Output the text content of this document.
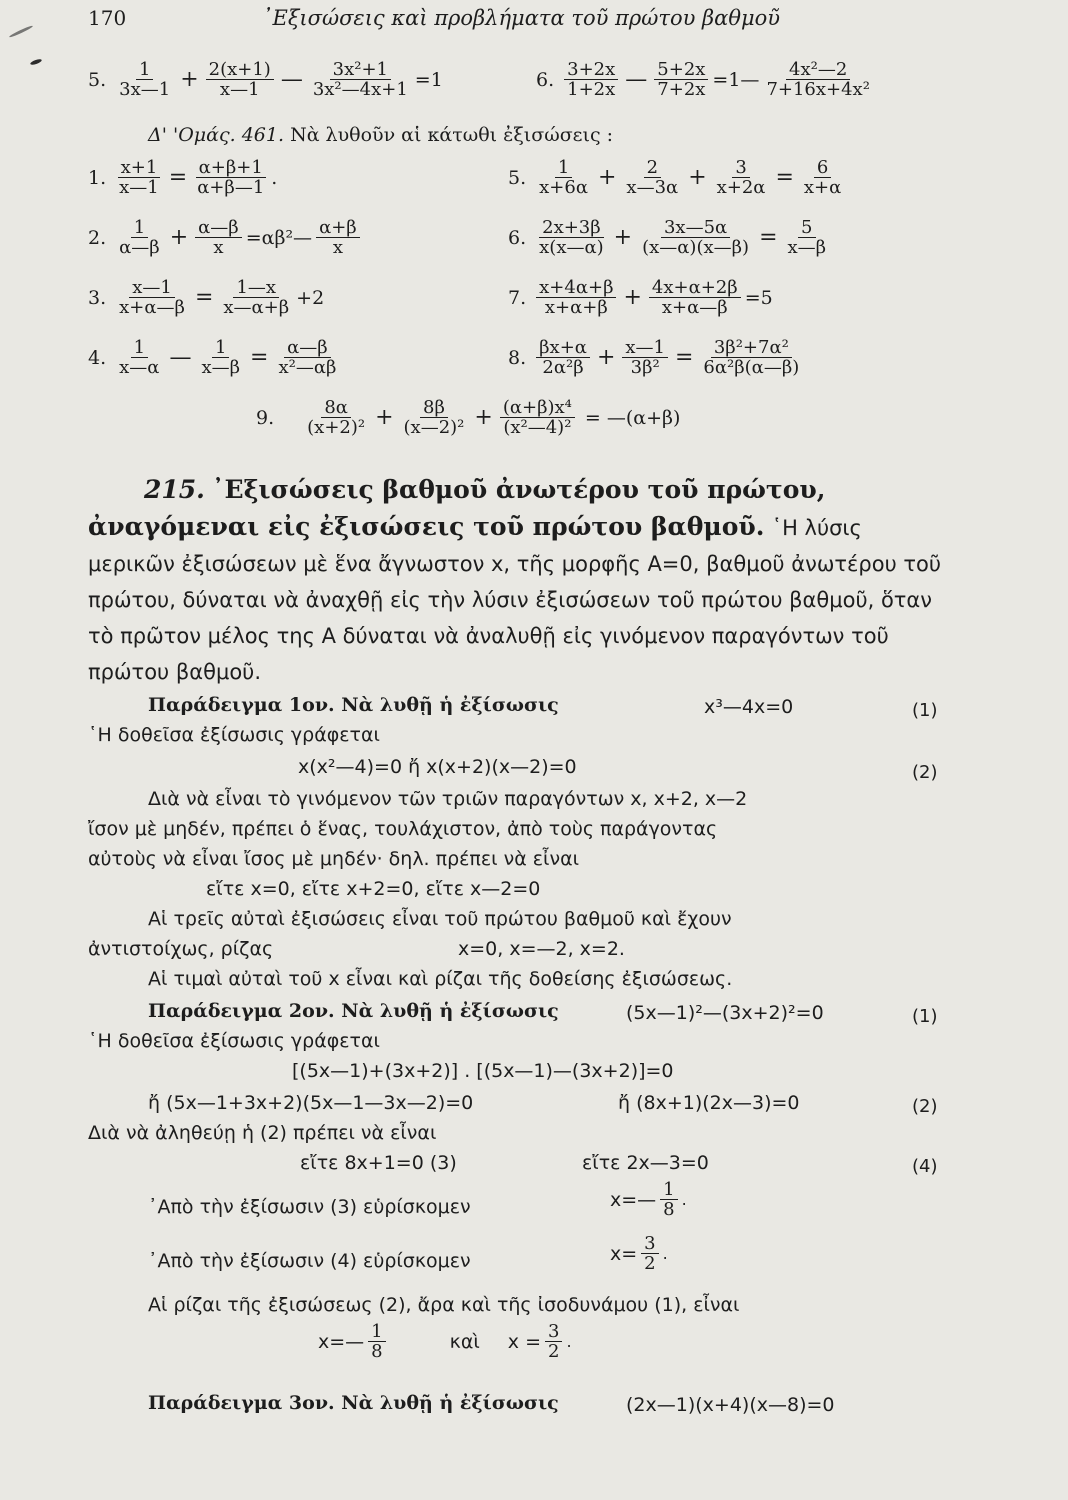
170	᾿Εξισώσεις καὶ προβλήματα τοῦ πρώτου βαθμοῦ
5. 1
3x—1 + $\frac{2(x+1)}{x—1}$ — $\frac{\text{3x²+1}}{\text{3x²—4x+1}} =1$	6. 3+2x
1+2x — $\frac{5+2x}{7+2x}$ =1— 4x²—2
7+16x+4x²
Δ' 'Ομάς. 461. Νὰ λυθοῦν αἱ κάτωθι ἐξισώσεις :
1. $\frac{x+1}{x—1} = \frac{\alpha+\beta+1}{\alpha+\beta—1}$ .
2. 1
α—β + $\frac{\alpha—\beta}{x}$ =αβ²— α+β
x
3. $\frac{x—1}{x+\alpha—\beta} = \frac{1—x}{x—\alpha+\beta} +2$
4. 1
x—α — $\frac{1}{x—\beta} = \frac{\alpha—\beta}{\text{x²—αβ}}$
5. 1
$x+6\alpha + \frac{2}{x—3\alpha} + \frac{3}{x+2\alpha} = \frac{6}{x+\alpha}$
6. 2x+3β
x(x—α) + $\frac{3x—5\alpha}{(x—\alpha)(x—\beta)} = \frac{5}{x—\beta}$
7. x+4α+β
$x+\alpha+\beta + \frac{4x+\alpha+2\beta}{x+\alpha—\beta} =5$
8. βx+α
$2\alpha^2\beta + \frac{x—1}{\text{3β²}} = \frac{\text{3β²+7α²}}{\text{6α²β(α—β)}}$
9.	8α
$(x+2)^2 + \frac{8\beta}{\text{(x—2)²}} + \frac{\text{(α+β)x⁴}}{\text{(x²—4)²}}$ = —(α+β)
215. ᾿Εξισώσεις βαθμοῦ ἀνωτέρου τοῦ πρώτου, ἀναγόμεναι εἰς ἐξισώσεις τοῦ πρώτου βαθμοῦ. ῾Η λύσις μερικῶν ἐξισώσεων μὲ ἕνα ἄγνωστον x, τῆς μορφῆς Α=0, βαθμοῦ ἀνωτέρου τοῦ πρώτου, δύναται νὰ ἀναχθῇ εἰς τὴν λύσιν ἐξισώσεων τοῦ πρώτου βαθμοῦ, ὅταν τὸ πρῶτον μέλος της Α δύναται νὰ ἀναλυθῇ εἰς γινόμενον παραγόντων τοῦ πρώτου βαθμοῦ.
Παράδειγμα 1ον. Νὰ λυθῇ ἡ ἐξίσωσις	x³—4x=0	(1)
῾Η δοθεῖσα ἐξίσωσις γράφεται
x(x²—4)=0 ἤ x(x+2)(x—2)=0	(2)
Διὰ νὰ εἶναι τὸ γινόμενον τῶν τριῶν παραγόντων x, x+2, x—2
ἴσον μὲ μηδέν, πρέπει ὁ ἕνας, τουλάχιστον, ἀπὸ τοὺς παράγοντας
αὐτοὺς νὰ εἶναι ἴσος μὲ μηδέν· δηλ. πρέπει νὰ εἶναι
εἴτε x=0, εἴτε x+2=0, εἴτε x—2=0
Αἱ τρεῖς αὐταὶ ἐξισώσεις εἶναι τοῦ πρώτου βαθμοῦ καὶ ἔχουν
ἀντιστοίχως, ρίζας	x=0, x=—2, x=2.
Αἱ τιμαὶ αὐταὶ τοῦ x εἶναι καὶ ρίζαι τῆς δοθείσης ἐξισώσεως.
Παράδειγμα 2ον. Νὰ λυθῇ ἡ ἐξίσωσις	(5x—1)²—(3x+2)²=0	(1)
῾Η δοθεῖσα ἐξίσωσις γράφεται
[(5x—1)+(3x+2)] . [(5x—1)—(3x+2)]=0
ἤ (5x—1+3x+2)(5x—1—3x—2)=0	ἤ (8x+1)(2x—3)=0	(2)
Διὰ νὰ ἀληθεύῃ ἡ (2) πρέπει νὰ εἶναι
εἴτε 8x+1=0 (3)	εἴτε 2x—3=0	(4)
᾿Απὸ τὴν ἐξίσωσιν (3) εὑρίσκομεν	x=— 1
8 .
᾿Απὸ τὴν ἐξίσωσιν (4) εὑρίσκομεν	$x= \frac{3}{2}$ .
Αἱ ρίζαι τῆς ἐξισώσεως (2), ἄρα καὶ τῆς ἰσοδυνάμου (1), εἶναι
x=— 1
8	καὶ $x = \frac{3}{2}$ .
Παράδειγμα 3ον. Νὰ λυθῇ ἡ ἐξίσωσις	(2x—1)(x+4)(x—8)=0
